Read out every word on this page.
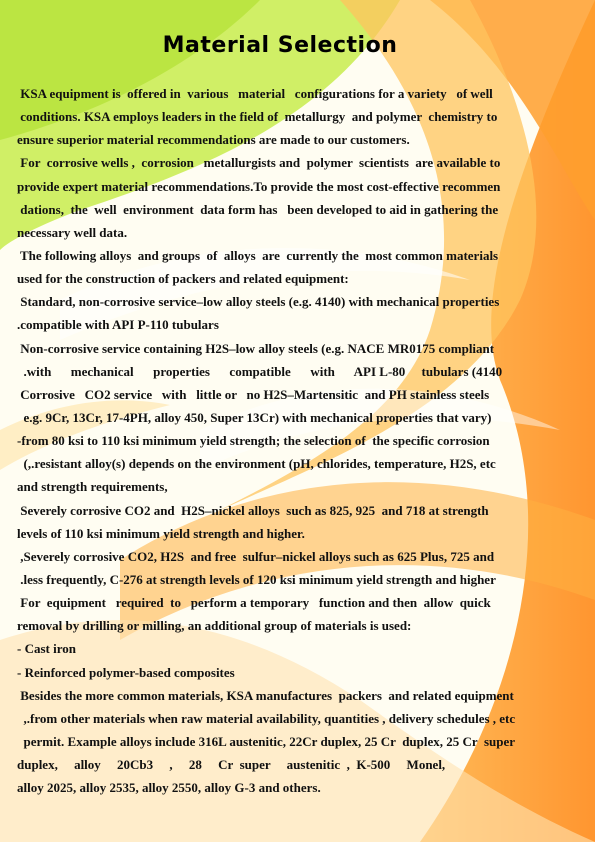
Material Selection
KSA equipment is  offered in  various   material   configurations for a variety   of well
conditions. KSA employs leaders in the field of  metallurgy  and polymer  chemistry to
ensure superior material recommendations are made to our customers.
For  corrosive wells ,  corrosion   metallurgists and  polymer  scientists  are available to
provide expert material recommendations.To provide the most cost-effective recommen
dations,  the  well  environment  data form has   been developed to aid in gathering the
necessary well data.
The following alloys  and groups  of  alloys  are  currently the  most common materials
used for the construction of packers and related equipment:
Standard, non-corrosive service–low alloy steels (e.g. 4140) with mechanical properties
.compatible with API P-110 tubulars
Non-corrosive service containing H2S–low alloy steels (e.g. NACE MR0175 compliant
.with      mechanical      properties      compatible      with      API L-80     tubulars (4140
Corrosive   CO2 service   with   little or   no H2S–Martensitic  and PH stainless steels
e.g. 9Cr, 13Cr, 17-4PH, alloy 450, Super 13Cr) with mechanical properties that vary)
-from 80 ksi to 110 ksi minimum yield strength; the selection of  the specific corrosion
(,.resistant alloy(s) depends on the environment (pH, chlorides, temperature, H2S, etc
and strength requirements,
Severely corrosive CO2 and  H2S–nickel alloys  such as 825, 925  and 718 at strength
levels of 110 ksi minimum yield strength and higher.
,Severely corrosive CO2, H2S  and free  sulfur–nickel alloys such as 625 Plus, 725 and
.less frequently, C-276 at strength levels of 120 ksi minimum yield strength and higher
For  equipment   required  to   perform a temporary   function and then  allow  quick
removal by drilling or milling, an additional group of materials is used:
- Cast iron
- Reinforced polymer-based composites
Besides the more common materials, KSA manufactures  packers  and related equipment
,.from other materials when raw material availability, quantities , delivery schedules , etc
permit. Example alloys include 316L austenitic, 22Cr duplex, 25 Cr  duplex, 25 Cr  super
duplex,     alloy     20Cb3     ,     28     Cr  super     austenitic  ,  K-500     Monel,
alloy 2025, alloy 2535, alloy 2550, alloy G-3 and others.
